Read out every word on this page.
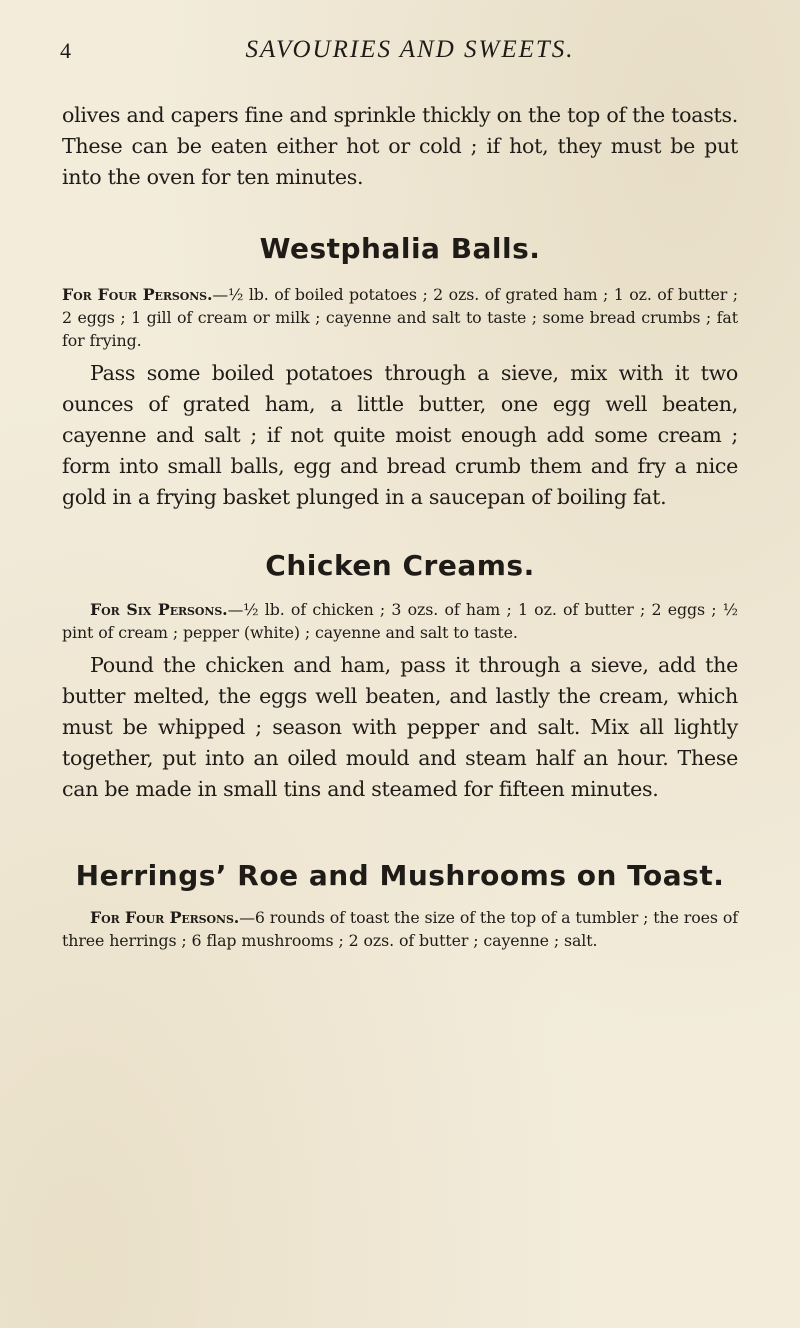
4	SAVOURIES AND SWEETS.

olives and capers fine and sprinkle thickly on the top of the toasts. These can be eaten either hot or cold ; if hot, they must be put into the oven for ten minutes.

Westphalia Balls.

For Four Persons.—½ lb. of boiled potatoes ; 2 ozs. of grated ham ; 1 oz. of butter ; 2 eggs ; 1 gill of cream or milk ; cayenne and salt to taste ; some bread crumbs ; fat for frying.

Pass some boiled potatoes through a sieve, mix with it two ounces of grated ham, a little butter, one egg well beaten, cayenne and salt ; if not quite moist enough add some cream ; form into small balls, egg and bread crumb them and fry a nice gold in a frying basket plunged in a saucepan of boiling fat.

Chicken Creams.

For Six Persons.—½ lb. of chicken ; 3 ozs. of ham ; 1 oz. of butter ; 2 eggs ; ½ pint of cream ; pepper (white) ; cayenne and salt to taste.

Pound the chicken and ham, pass it through a sieve, add the butter melted, the eggs well beaten, and lastly the cream, which must be whipped ; season with pepper and salt. Mix all lightly together, put into an oiled mould and steam half an hour. These can be made in small tins and steamed for fifteen minutes.

Herrings’ Roe and Mushrooms on Toast.

For Four Persons.—6 rounds of toast the size of the top of a tumbler ; the roes of three herrings ; 6 flap mushrooms ; 2 ozs. of butter ; cayenne ; salt.
